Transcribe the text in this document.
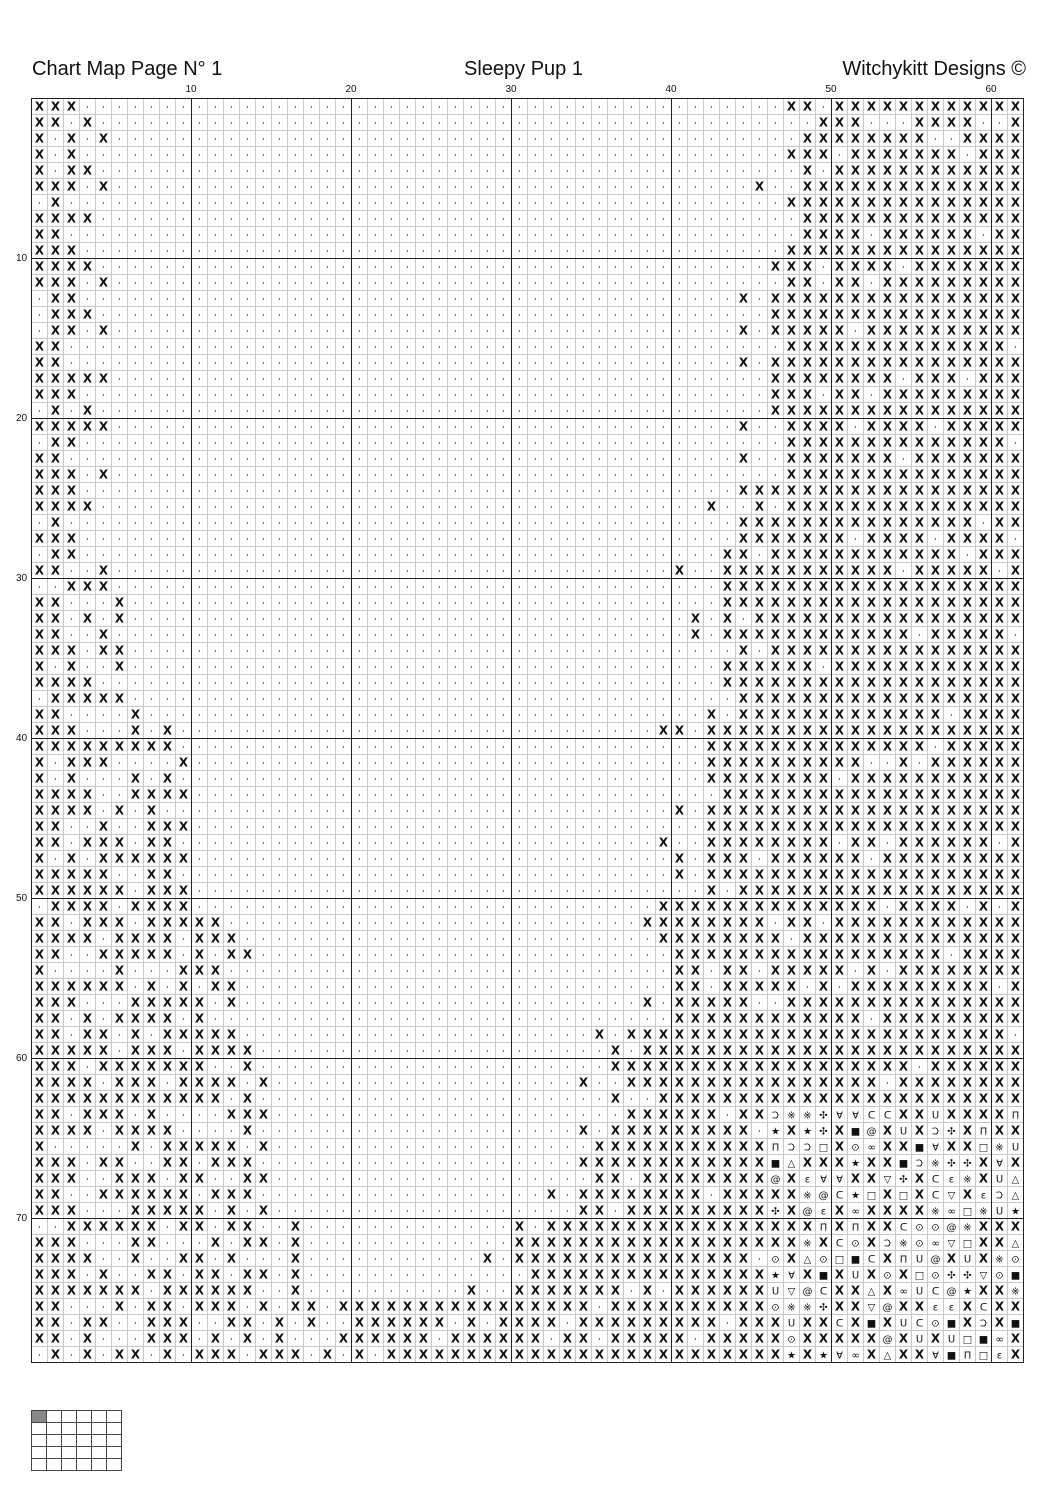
Chart Map Page N° 1	Sleepy Pup 1	Witchykitt Designs ©
10	20	30	40	50	60
10
20
30
40
50
60
70
X X X · · · · · · · · · · · · · · · · · · · · · · · · · · · · · · · · · · · · · · · · · · · · X X · X X X X X X X X X X X X
X X · X · · · · · · · · · · · · · · · · · · · · · · · · · · · · · · · · · · · · · · · · · · · · · X X X · · · X X X X · · X
X · X · X · · · · · · · · · · · · · · · · · · · · · · · · · · · · · · · · · · · · · · · · · · · X X X X X X X X · · X X X X
X · X · · · · · · · · · · · · · · · · · · · · · · · · · · · · · · · · · · · · · · · · · · · · X X X · X X X X X X X · X X X
X · X X · · · · · · · · · · · · · · · · · · · · · · · · · · · · · · · · · · · · · · · · · · · · X · X X X X X X X X X X X X
X X X · X · · · · · · · · · · · · · · · · · · · · · · · · · · · · · · · · · · · · · · · · X · · X X X X X X X X X X X X X X
· X · · · · · · · · · · · · · · · · · · · · · · · · · · · · · · · · · · · · · · · · · · · · · X X X X X X X X X X X X X X X
X X X X · · · · · · · · · · · · · · · · · · · · · · · · · · · · · · · · · · · · · · · · · · · · X X X X X X X X X X X X X X
X X · · · · · · · · · · · · · · · · · · · · · · · · · · · · · · · · · · · · · · · · · · · · · · X X X X · X X X X X X · X X
X X X · · · · · · · · · · · · · · · · · · · · · · · · · · · · · · · · · · · · · · · · · · · · X X X X X X X X X X X X X X X
X X X X · · · · · · · · · · · · · · · · · · · · · · · · · · · · · · · · · · · · · · · · · · X X X · X X X X · X X X X X X X
X X X · X · · · · · · · · · · · · · · · · · · · · · · · · · · · · · · · · · · · · · · · · · · X X · X X · X X X X X X X X X
· X X · · · · · · · · · · · · · · · · · · · · · · · · · · · · · · · · · · · · · · · · · X · X X X X X X X X X X X X X X X X
· X X X · · · · · · · · · · · · · · · · · · · · · · · · · · · · · · · · · · · · · · · · · · X X X X X X X X X X X X X X X X
· X X · X · · · · · · · · · · · · · · · · · · · · · · · · · · · · · · · · · · · · · · · X · X X X X X · X X X X X X X X X X
X X · · · · · · · · · · · · · · · · · · · · · · · · · · · · · · · · · · · · · · · · · · · · · X X X X X X X X X X X X X X ·
X X · · · · · · · · · · · · · · · · · · · · · · · · · · · · · · · · · · · · · · · · · · X · X X X X X X X X X X X X X X X X
X X X X X · · · · · · · · · · · · · · · · · · · · · · · · · · · · · · · · · · · · · · · · · X X X X X X X X · X X X · X X X
X X X · · · · · · · · · · · · · · · · · · · · · · · · · · · · · · · · · · · · · · · · · · · X X X · X X · X X X X X X X X X
· X · X · · · · · · · · · · · · · · · · · · · · · · · · · · · · · · · · · · · · · · · · · · X X X X X X X X X X X X X X X X
X X X X X · · · · · · · · · · · · · · · · · · · · · · · · · · · · · · · · · · · · · · · X · · X X X X · X X X X · X X X X X
· X X · · · · · · · · · · · · · · · · · · · · · · · · · · · · · · · · · · · · · · · · · · · · X X X X X X X X X X X X X X ·
X X · · · · · · · · · · · · · · · · · · · · · · · · · · · · · · · · · · · · · · · · · · X · · X X X X X X X · X X X X X X X
X X X · X · · · · · · · · · · · · · · · · · · · · · · · · · · · · · · · · · · · · · · · · · · X X X X X X X X X X X X X X X
X X X · · · · · · · · · · · · · · · · · · · · · · · · · · · · · · · · · · · · · · · · · X X X X X X X X X X X X X X X X X X
X X X X · · · · · · · · · · · · · · · · · · · · · · · · · · · · · · · · · · · · · · X · · X · X X X X X X X X X X X X X X X
· X · · · · · · · · · · · · · · · · · · · · · · · · · · · · · · · · · · · · · · · · · · X X X X X X X X X X X X X X X · X X
X X X · · · · · · · · · · · · · · · · · · · · · · · · · · · · · · · · · · · · · · · · · X X X X X X X · X X X X · X X X X ·
· X X · · · · · · · · · · · · · · · · · · · · · · · · · · · · · · · · · · · · · · · · X X · X X X X X X X X X X X X · X X X
X X · · X · · · · · · · · · · · · · · · · · · · · · · · · · · · · · · · · · · · X · · X X X X X X X X X X X · X X X X X · X
· · X X X · · · · · · · · · · · · · · · · · · · · · · · · · · · · · · · · · · · · · · X X X X X X X X X X X X X X X X X X X
X X · · · X · · · · · · · · · · · · · · · · · · · · · · · · · · · · · · · · · · · · · X X X X X X X X X X X X X X X X X X X
X X · X · X · · · · · · · · · · · · · · · · · · · · · · · · · · · · · · · · · · · X · X · X X X X X X X X X X X X X X X X X
X X · · X · · · · · · · · · · · · · · · · · · · · · · · · · · · · · · · · · · · · X · X X X X X X X X X X X X · X X X X X ·
X X X · X X · · · · · · · · · · · · · · · · · · · · · · · · · · · · · · · · · · · · · · X · X X X X X X X X X X X X X X X X
X · X · · X · · · · · · · · · · · · · · · · · · · · · · · · · · · · · · · · · · · · · X X X X X X · X X X X X X X X X X X X
X X X X · · · · · · · · · · · · · · · · · · · · · · · · · · · · · · · · · · · · · · · X X X X X X X X X X X X X X X X X X X
· X X X X X · · · · · · · · · · · · · · · · · · · · · · · · · · · · · · · · · · · · · · X X X X X X X X X X X X X X X X X X
X X · · · · X · · · · · · · · · · · · · · · · · · · · · · · · · · · · · · · · · · · X · X X X X X X X X X X X X X · X X X X
X X X · · · X · X · · · · · · · · · · · · · · · · · · · · · · · · · · · · · · X X · X X X X X X X X X X X X X X X X X X X X
X X X X X X X X X · · · · · · · · · · · · · · · · · · · · · · · · · · · · · · · · · X X X X X X X X X X X X X X · X X X X X
X · X X X · · · · X · · · · · · · · · · · · · · · · · · · · · · · · · · · · · · · · X X X X X X X X X X · · X · X X X X X X
X · X · · · X · X · · · · · · · · · · · · · · · · · · · · · · · · · · · · · · · · · X X X X X X X X · X X X X X X X X X X X
X X X X · · X X X X · · · · · · · · · · · · · · · · · · · · · · · · · · · · · · · · · X X X X X X X X X X X X X X X X X X X
X X X X · X · X · · · · · · · · · · · · · · · · · · · · · · · · · · · · · · · · X · X X X X X X X X X X X X X X X X X X X X
X X · · X · · X X X · · · · · · · · · · · · · · · · · · · · · · · · · · · · · · · · X X X X X X X X X X X X X X X X X X X X
X X · X X X · X X · · · · · · · · · · · · · · · · · · · · · · · · · · · · · · X · · X X X X X X X X · X X · X X X X X X · X
X · X · X X X X X X · · · · · · · · · · · · · · · · · · · · · · · · · · · · · · X · X X X · X X X X X X · X X X X X X X X X
X X X X X · · X X · · · · · · · · · · · · · · · · · · · · · · · · · · · · · · · X · X X X X X X X X X X X X X X X X X X X X
X X X X X X · X X X · · · · · · · · · · · · · · · · · · · · · · · · · · · · · · · · X · X X X X X X X X X X X X X X X X X X
· X X X X · X X X X · · · · · · · · · · · · · · · · · · · · · · · · · · · · · X X X X X X X X X X X X X X · X X X X · X · X
X X · X X X · X X X X X · · · · · · · · · · · · · · · · · · · · · · · · · · X X X X X X X X · X X · X X X X X X X X X X X X
X X X X · X X X X · X X X · · · · · · · · · · · · · · · · · · · · · · · · · · X X X X X X X X · X X X X X X X X X X X X X X
X X · · X X X X X · X · X X · · · · · · · · · · · · · · · · · · · · · · · · · · X X X X X X X X X X X X X X X X X · X X X X
X · · · · X · · · X X X · · · · · · · · · · · · · · · · · · · · · · · · · · · · X X · X X · X X X X X · X · X X X X X X X X
X X X X X X · X · X · X X · · · · · · · · · · · · · · · · · · · · · · · · · · · X X · X X X X X · X · X X X X X X X X X · X
X X X · · · X X X X X · X · · · · · · · · · · · · · · · · · · · · · · · · · X · X X X X X · · X X X X X X X X X X X X X X X
X X · X · X X X X · X · · · · · · · · · · · · · · · · · · · · · · · · · · · · · X X X X X X X X X X X X · X X X X X X X X X
X X · X X · X · X X X X X · · · · · · · · · · · · · · · · · · · · · · X · X X X X X X X X X X X X X X X X X X X X X X X X ·
X X X X X · X X X · X X X X · · · · · · · · · · · · · · · · · · · · · · X · X X X X X X X X X X X X X X X X X X X X X X X X
X X X · X X X X X X X · · X · · · · · · · · · · · · · · · · · · · · · · X X X X X X X X X X X X X X X X X X X · X X X X X X
X X X X · X X X · X X X X · X · · · · · · · · · · · · · · · · · · · X · · X X X X X X X X X X X X X X X X · X X X X X X X X
X X X X X X X X X X X X · X · · · · · · · · · · · · · · · · · · · · · · X · · X X X X X X X X X X X X X X X X X X X X X X X
X X · X X X · X · · · · X X X · · · · · · · · · · · · · · · · · · · · · · X X X X X X · X X Ↄ ※ ※ ✣ Ɐ Ɐ ᑕ ᑕ X X ᑌ X X X X Π
X X X X · X X X X · · · · X · · · · · · · · · · · · · · · · · · · · X · X X X X X X X X X · ★ X ★ ✣ X ■ @ X ᑌ X Ↄ ✣ X Π X X
X · · · · · X · X X X X X · X · · · · · · · · · · · · · · · · · · · · X X X X X X X X X X X Π Ↄ Ↄ □ X ⊙ ∞ X X ■ Ɐ X X □ ※ ᑌ
X X X · X X · · X X · X X X · · · · · · · · · · · · · · · · · · · · X X X X X X X X X X X X ■ △ X X X ★ X X ■ Ↄ ※ ✣ ✣ X Ɐ X
X X X · · X X X · X X · · X X · · · · · · · · · · · · · · · · · · · · X X · X X X X X X X X @ X ε Ɐ Ɐ X X ▽ ✣ X ᑕ ε ※ X ᑌ △
X X · · X X X X X X · X X X · · · · · · · · · · · · · · · · · · X · X X X X X X X X · X X X X X ※ @ ᑕ ★ □ X □ X ᑕ ▽ X ε Ↄ △
X X X · · · X X X X X · X · X · · · · · · · · · · · · · · · · · · · X X · X X X X X X X X X ✣ X @ ε X ∞ X X X X ※ ∞ □ ※ ᑌ ★
· · X X X X X X · X X · X X · · X · · · · · · · · · · · · · X · X X X X X X X X X X X X X X X X X Π X Π X X ᑕ ⊙ ⊙ @ ※ X X X
X X X · · · X X · · · X · X X · X · · · · · · · · · · · · · X X X X X X X X X X X X X X X X X X ※ X ᑕ ⊙ X Ↄ ※ ⊙ ∞ ▽ □ X X △
X X X X · · X · · X X · X · · · X · · · · · · · · · · · X · X X X X X X X X X X X X X X X · ⊙ X △ ⊙ □ ■ ᑕ X Π ᑌ @ X ᑌ X ※ ⊙
X X X · X · · X X · X X · X X · X · · · · · · · · · · · · · · X X X X X X X X X X X X X X X ★ Ɐ X ■ X ᑌ X ⊙ X □ ⊙ ✣ ✣ ▽ ⊙ ■
X X X X X X X · X X X X X X · · X · · · · · · · · · · X · · X X X X X X X · X · X X X X X X ᑌ ▽ @ ᑕ X X △ X ∞ ᑌ ᑕ @ ★ X X ※
X X · · · X · X X · X X X · X · X X · X X X X X X X X X X X X X X X X · X X X X X X X X X X ⊙ ※ ※ ✣ X X ▽ @ X X ε ε X ᑕ X X
X X · X X · · X X X · · X X · X · X · · X X X X X X · X · X X X X · X X X X X X X X X · X X X ᑌ X X ᑕ X ■ X ᑌ ᑕ ⊙ ■ X Ↄ X ■
X X · X · · · X X X · X · X · X · · · X X X X X X · X X X X X X · X X · X X X X X · X X X X X ⊙ X X X X X @ X ᑌ X ᑌ □ ■ ∞ X
· X · X · X X · X · X X X · X X X · X · X · X X X X X X X X X X X X X X X X X X X X X X X X X ★ X ★ Ɐ ∞ X △ X X Ɐ ■ Π □ ε X
